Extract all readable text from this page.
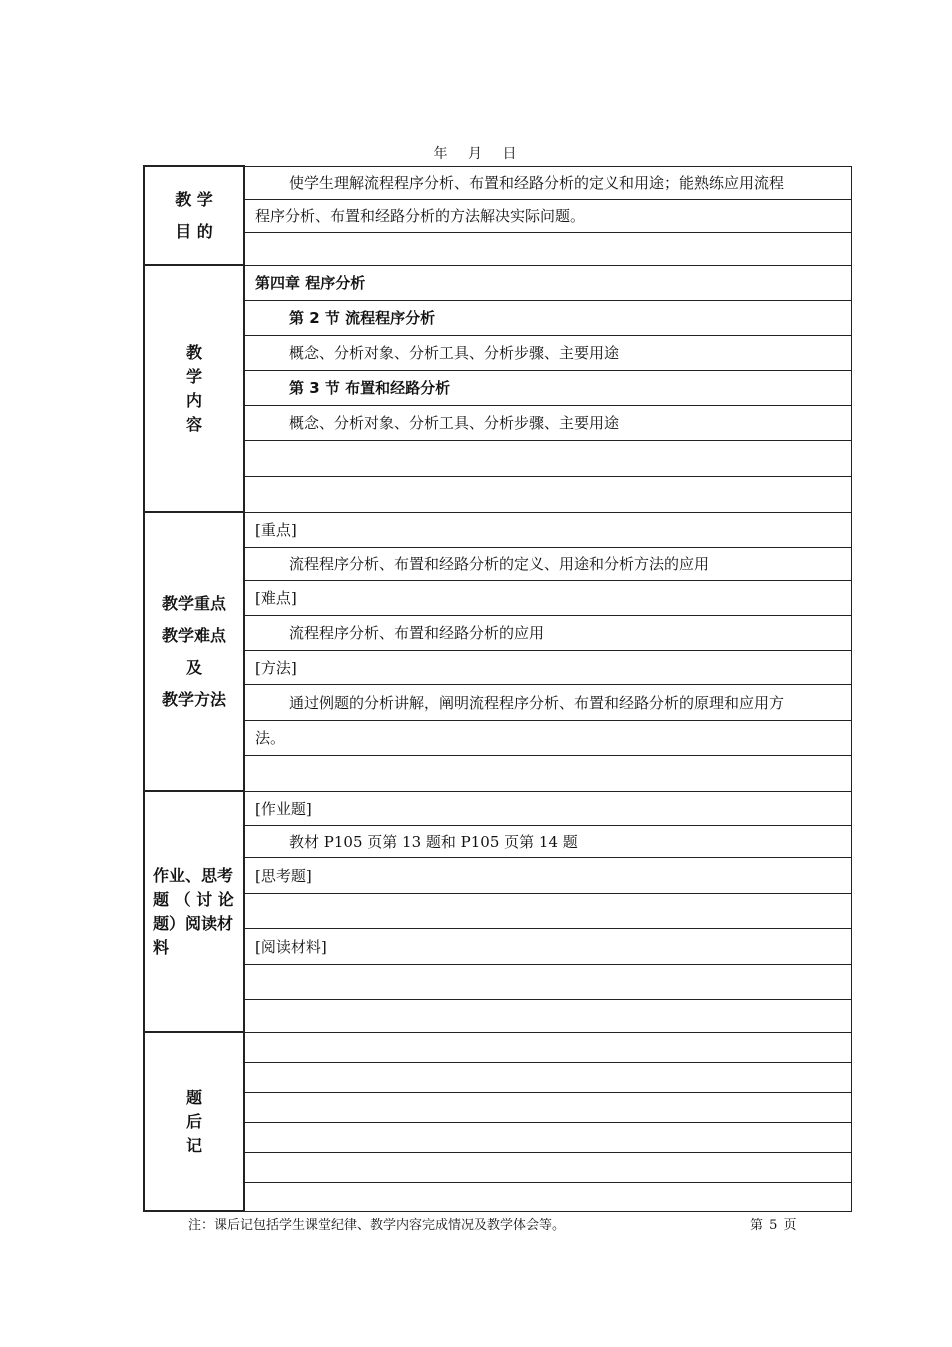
年 月 日
教 学
目 的	使学生理解流程程序分析、布置和经路分析的定义和用途；能熟练应用流程
	程序分析、布置和经路分析的方法解决实际问题。

教
学
内
容	第四章 程序分析
	第 2 节 流程程序分析
	概念、分析对象、分析工具、分析步骤、主要用途
	第 3 节 布置和经路分析
	概念、分析对象、分析工具、分析步骤、主要用途

教学重点
教学难点
及
教学方法	[重点]
	流程程序分析、布置和经路分析的定义、用途和分析方法的应用
	[难点]
	流程程序分析、布置和经路分析的应用
	[方法]
	通过例题的分析讲解，阐明流程程序分析、布置和经路分析的原理和应用方
	法。

作业、思考
题 （ 讨 论
题）阅读材
料	[作业题]
	教材 P105 页第 13 题和 P105 页第 14 题
	[思考题]

	[阅读材料]

题
后
记	

注：课后记包括学生课堂纪律、教学内容完成情况及教学体会等。	第 5 页
